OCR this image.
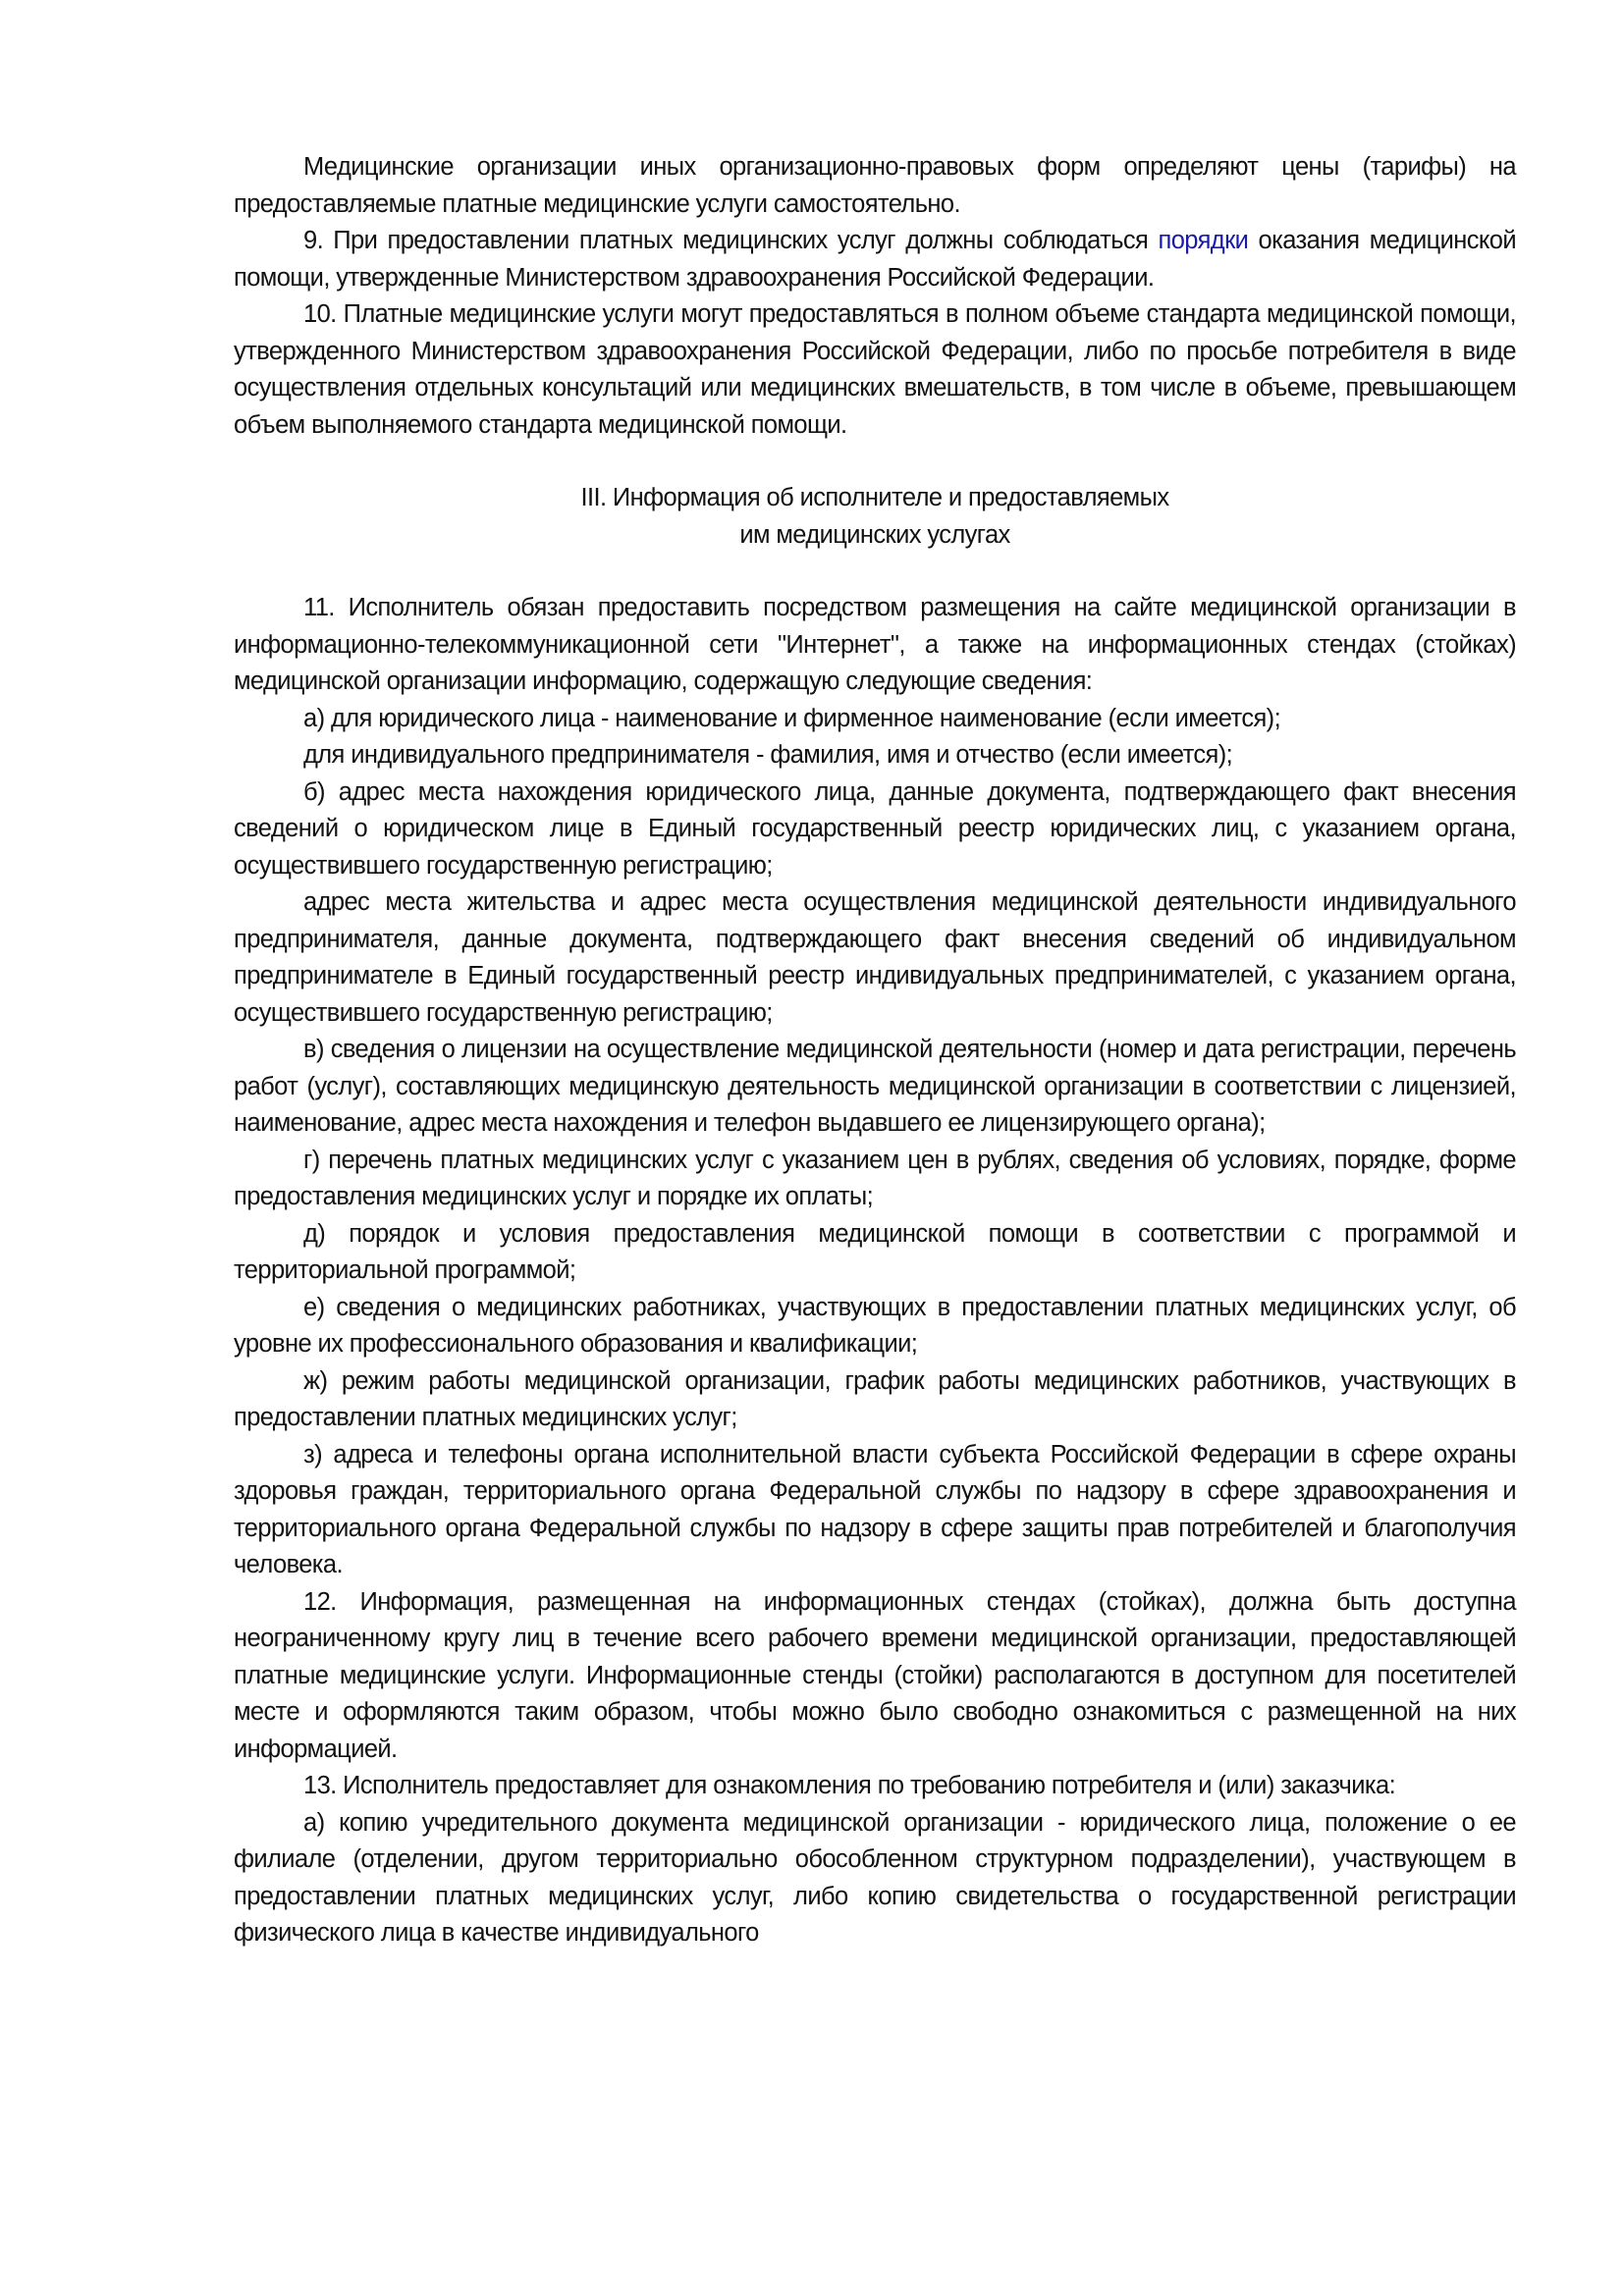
Медицинские организации иных организационно-правовых форм определяют цены (тарифы) на предоставляемые платные медицинские услуги самостоятельно.

9. При предоставлении платных медицинских услуг должны соблюдаться порядки оказания медицинской помощи, утвержденные Министерством здравоохранения Российской Федерации.

10. Платные медицинские услуги могут предоставляться в полном объеме стандарта медицинской помощи, утвержденного Министерством здравоохранения Российской Федерации, либо по просьбе потребителя в виде осуществления отдельных консультаций или медицинских вмешательств, в том числе в объеме, превышающем объем выполняемого стандарта медицинской помощи.

III. Информация об исполнителе и предоставляемых
им медицинских услугах

11. Исполнитель обязан предоставить посредством размещения на сайте медицинской организации в информационно-телекоммуникационной сети "Интернет", а также на информационных стендах (стойках) медицинской организации информацию, содержащую следующие сведения:

а) для юридического лица - наименование и фирменное наименование (если имеется);

для индивидуального предпринимателя - фамилия, имя и отчество (если имеется);

б) адрес места нахождения юридического лица, данные документа, подтверждающего факт внесения сведений о юридическом лице в Единый государственный реестр юридических лиц, с указанием органа, осуществившего государственную регистрацию;

адрес места жительства и адрес места осуществления медицинской деятельности индивидуального предпринимателя, данные документа, подтверждающего факт внесения сведений об индивидуальном предпринимателе в Единый государственный реестр индивидуальных предпринимателей, с указанием органа, осуществившего государственную регистрацию;

в) сведения о лицензии на осуществление медицинской деятельности (номер и дата регистрации, перечень работ (услуг), составляющих медицинскую деятельность медицинской организации в соответствии с лицензией, наименование, адрес места нахождения и телефон выдавшего ее лицензирующего органа);

г) перечень платных медицинских услуг с указанием цен в рублях, сведения об условиях, порядке, форме предоставления медицинских услуг и порядке их оплаты;

д) порядок и условия предоставления медицинской помощи в соответствии с программой и территориальной программой;

е) сведения о медицинских работниках, участвующих в предоставлении платных медицинских услуг, об уровне их профессионального образования и квалификации;

ж) режим работы медицинской организации, график работы медицинских работников, участвующих в предоставлении платных медицинских услуг;

з) адреса и телефоны органа исполнительной власти субъекта Российской Федерации в сфере охраны здоровья граждан, территориального органа Федеральной службы по надзору в сфере здравоохранения и территориального органа Федеральной службы по надзору в сфере защиты прав потребителей и благополучия человека.

12. Информация, размещенная на информационных стендах (стойках), должна быть доступна неограниченному кругу лиц в течение всего рабочего времени медицинской организации, предоставляющей платные медицинские услуги. Информационные стенды (стойки) располагаются в доступном для посетителей месте и оформляются таким образом, чтобы можно было свободно ознакомиться с размещенной на них информацией.

13. Исполнитель предоставляет для ознакомления по требованию потребителя и (или) заказчика:

а) копию учредительного документа медицинской организации - юридического лица, положение о ее филиале (отделении, другом территориально обособленном структурном подразделении), участвующем в предоставлении платных медицинских услуг, либо копию свидетельства о государственной регистрации физического лица в качестве индивидуального
